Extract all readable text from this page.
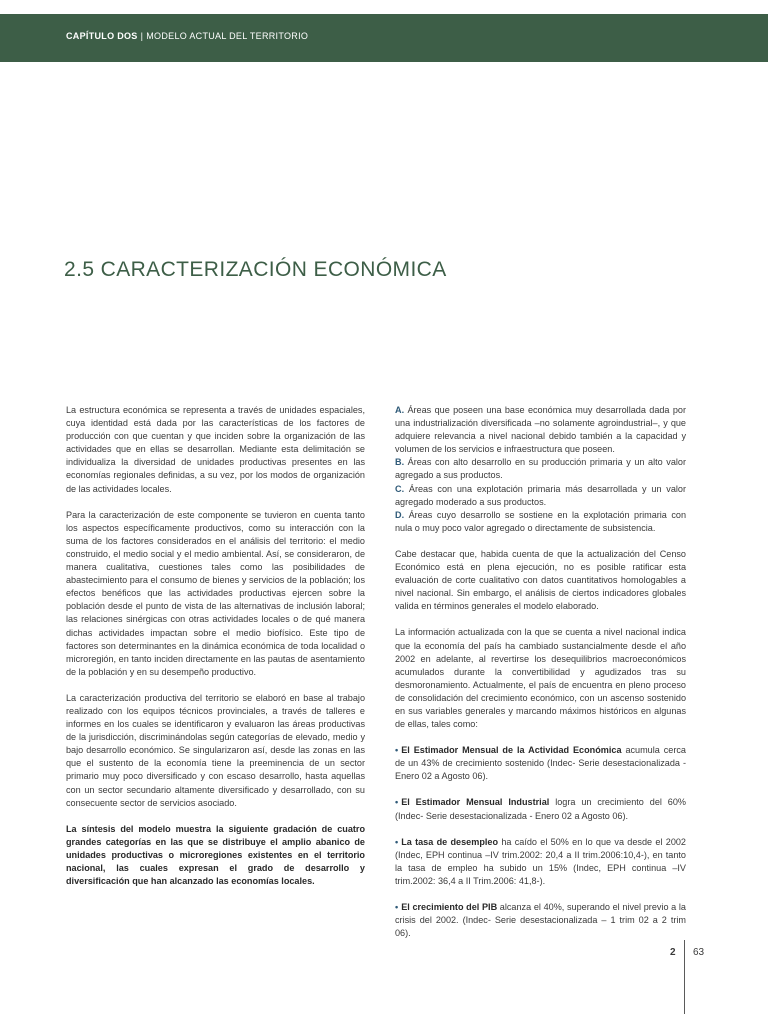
CAPÍTULO DOS | MODELO ACTUAL DEL TERRITORIO
2.5 CARACTERIZACIÓN ECONÓMICA

La estructura económica se representa a través de unidades espaciales, cuya identidad está dada por las características de los factores de producción con que cuentan y que inciden sobre la organización de las actividades que en ellas se desarrollan. Mediante esta delimitación se individualiza la diversidad de unidades productivas presentes en las economías regionales definidas, a su vez, por los modos de organización de las actividades locales.

Para la caracterización de este componente se tuvieron en cuenta tanto los aspectos específicamente productivos, como su interacción con la suma de los factores considerados en el análisis del territorio: el medio construido, el medio social y el medio ambiental. Así, se consideraron, de manera cualitativa, cuestiones tales como las posibilidades de abastecimiento para el consumo de bienes y servicios de la población; los efectos benéficos que las actividades productivas ejercen sobre la población desde el punto de vista de las alternativas de inclusión laboral; las relaciones sinérgicas con otras actividades locales o de qué manera dichas actividades impactan sobre el medio biofísico. Este tipo de factores son determinantes en la dinámica económica de toda localidad o microregión, en tanto inciden directamente en las pautas de asentamiento de la población y en su desempeño productivo.

La caracterización productiva del territorio se elaboró en base al trabajo realizado con los equipos técnicos provinciales, a través de talleres e informes en los cuales se identificaron y evaluaron las áreas productivas de la jurisdicción, discriminándolas según categorías de elevado, medio y bajo desarrollo económico. Se singularizaron así, desde las zonas en las que el sustento de la economía tiene la preeminencia de un sector primario muy poco diversificado y con escaso desarrollo, hasta aquellas con un sector secundario altamente diversificado y desarrollado, con su consecuente sector de servicios asociado.

La síntesis del modelo muestra la siguiente gradación de cuatro grandes categorías en las que se distribuye el amplio abanico de unidades productivas o microregiones existentes en el territorio nacional, las cuales expresan el grado de desarrollo y diversificación que han alcanzado las economías locales.

A. Áreas que poseen una base económica muy desarrollada dada por una industrialización diversificada –no solamente agroindustrial–, y que adquiere relevancia a nivel nacional debido también a la capacidad y volumen de los servicios e infraestructura que poseen.
B. Áreas con alto desarrollo en su producción primaria y un alto valor agregado a sus productos.
C. Áreas con una explotación primaria más desarrollada y un valor agregado moderado a sus productos.
D. Áreas cuyo desarrollo se sostiene en la explotación primaria con nula o muy poco valor agregado o directamente de subsistencia.

Cabe destacar que, habida cuenta de que la actualización del Censo Económico está en plena ejecución, no es posible ratificar esta evaluación de corte cualitativo con datos cuantitativos homologables a nivel nacional. Sin embargo, el análisis de ciertos indicadores globales valida en términos generales el modelo elaborado.

La información actualizada con la que se cuenta a nivel nacional indica que la economía del país ha cambiado sustancialmente desde el año 2002 en adelante, al revertirse los desequilibrios macroeconómicos acumulados durante la convertibilidad y agudizados tras su desmoronamiento. Actualmente, el país de encuentra en pleno proceso de consolidación del crecimiento económico, con un ascenso sostenido en sus variables generales y marcando máximos históricos en algunas de ellas, tales como:

• El Estimador Mensual de la Actividad Económica acumula cerca de un 43% de crecimiento sostenido (Indec- Serie desestacionalizada - Enero 02 a Agosto 06).

• El Estimador Mensual Industrial logra un crecimiento del 60% (Indec- Serie desestacionalizada - Enero 02 a Agosto 06).

• La tasa de desempleo ha caído el 50% en lo que va desde el 2002 (Indec, EPH continua –IV trim.2002: 20,4 a II trim.2006:10,4-), en tanto la tasa de empleo ha subido un 15% (Indec, EPH continua –IV trim.2002: 36,4 a II Trim.2006: 41,8-).

• El crecimiento del PIB alcanza el 40%, superando el nivel previo a la crisis del 2002. (Indec- Serie desestacionalizada – 1 trim 02 a 2 trim 06).

2 63
